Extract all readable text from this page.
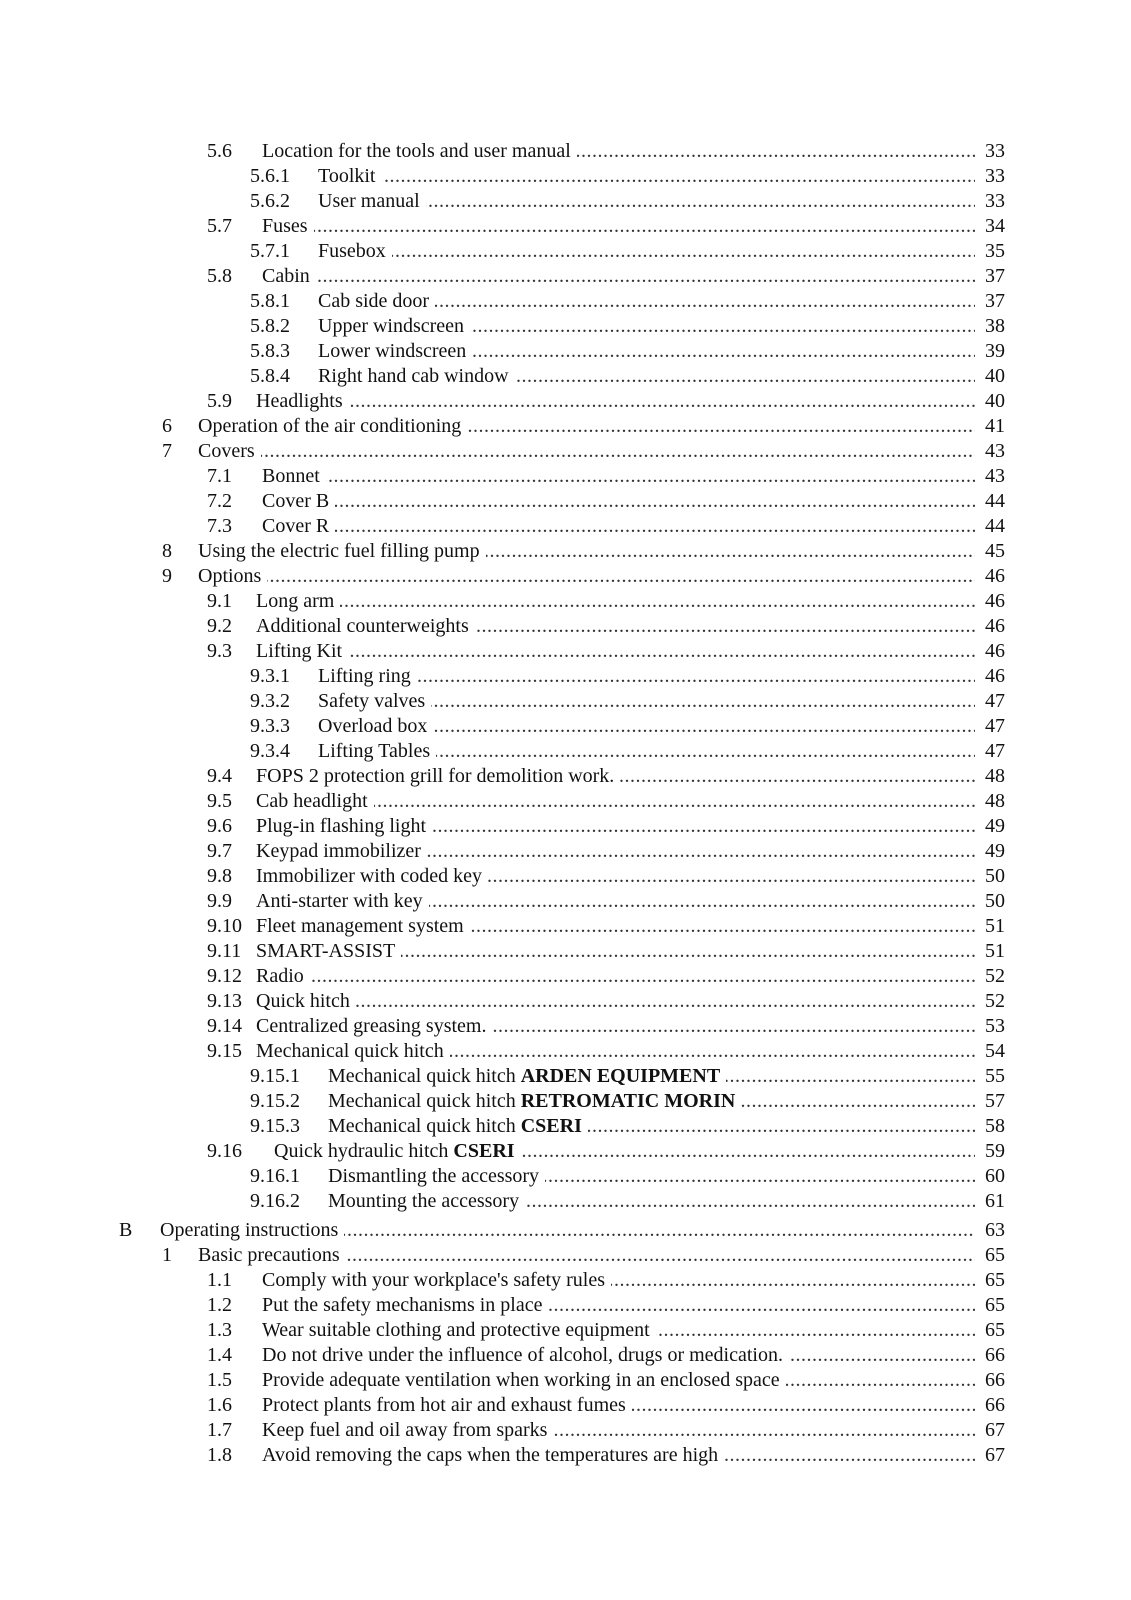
.....
5.6 Location for the tools and user manual	33
.....
5.6.1 Toolkit	33
.....
5.6.2 User manual	33
.....
5.7 Fuses	34
.....
5.7.1 Fusebox	35
.....
5.8 Cabin	37
.....
5.8.1 Cab side door	37
.....
5.8.2 Upper windscreen	38
.....
5.8.3 Lower windscreen	39
.....
5.8.4 Right hand cab window	40
.....
5.9 Headlights	40
.....
6 Operation of the air conditioning	41
.....
7 Covers	43
.....
7.1 Bonnet	43
.....
7.2 Cover B	44
.....
7.3 Cover R	44
.....
8 Using the electric fuel filling pump	45
.....
9 Options	46
.....
9.1 Long arm	46
.....
9.2 Additional counterweights	46
.....
9.3 Lifting Kit	46
.....
9.3.1 Lifting ring	46
.....
9.3.2 Safety valves	47
.....
9.3.3 Overload box	47
.....
9.3.4 Lifting Tables	47
.....
9.4 FOPS 2 protection grill for demolition work.	48
.....
9.5 Cab headlight	48
.....
9.6 Plug-in flashing light	49
.....
9.7 Keypad immobilizer	49
.....
9.8 Immobilizer with coded key	50
.....
9.9 Anti-starter with key	50
.....
9.10 Fleet management system	51
.....
9.11 SMART-ASSIST	51
.....
9.12 Radio	52
.....
9.13 Quick hitch	52
.....
9.14 Centralized greasing system.	53
.....
9.15 Mechanical quick hitch	54
.....
9.15.1 Mechanical quick hitch ARDEN EQUIPMENT	55
.....
9.15.2 Mechanical quick hitch RETROMATIC MORIN	57
.....
9.15.3 Mechanical quick hitch CSERI	58
.....
9.16 Quick hydraulic hitch CSERI	59
.....
9.16.1 Dismantling the accessory	60
.....
9.16.2 Mounting the accessory	61
.....
B Operating instructions	63
.....
1 Basic precautions	65
.....
1.1 Comply with your workplace's safety rules	65
.....
1.2 Put the safety mechanisms in place	65
.....
1.3 Wear suitable clothing and protective equipment	65
.....
1.4 Do not drive under the influence of alcohol, drugs or medication.	66
.....
1.5 Provide adequate ventilation when working in an enclosed space	66
.....
1.6 Protect plants from hot air and exhaust fumes	66
.....
1.7 Keep fuel and oil away from sparks	67
.....
1.8 Avoid removing the caps when the temperatures are high	67
